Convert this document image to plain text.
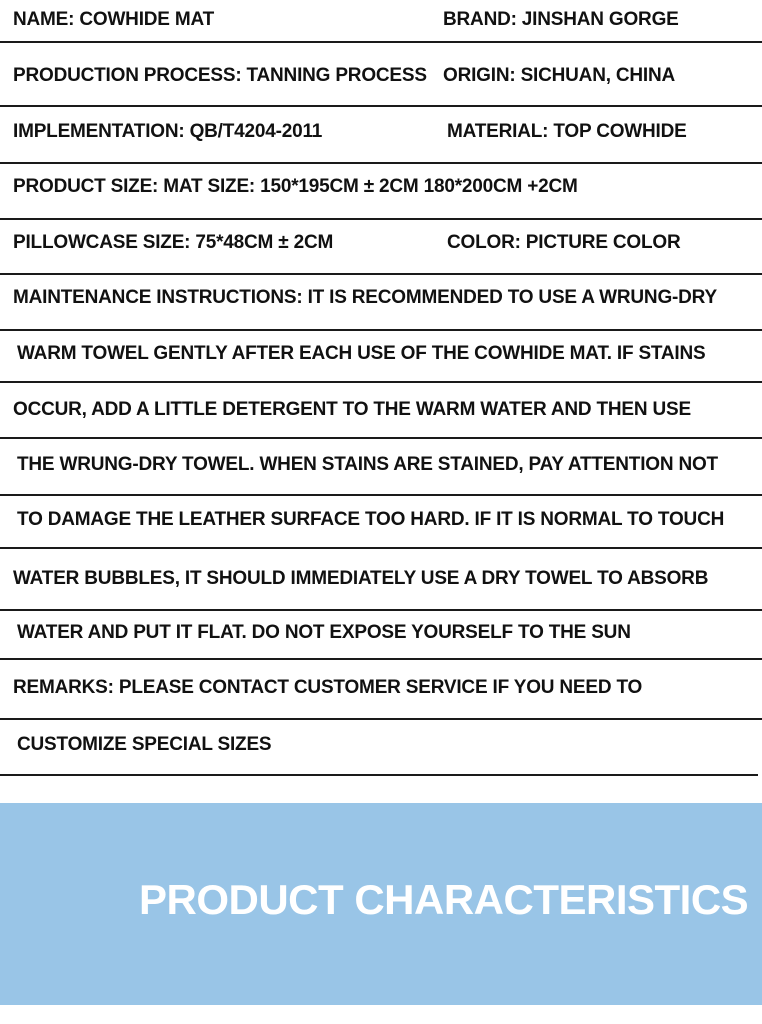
NAME: COWHIDE MAT	BRAND: JINSHAN GORGE
PRODUCTION PROCESS: TANNING PROCESS ORIGIN: SICHUAN, CHINA
IMPLEMENTATION: QB/T4204-2011	MATERIAL: TOP COWHIDE
PRODUCT SIZE: MAT SIZE: 150*195CM ± 2CM 180*200CM +2CM
PILLOWCASE SIZE: 75*48CM ± 2CM	COLOR: PICTURE COLOR
MAINTENANCE INSTRUCTIONS: IT IS RECOMMENDED TO USE A WRUNG-DRY
WARM TOWEL GENTLY AFTER EACH USE OF THE COWHIDE MAT. IF STAINS
OCCUR, ADD A LITTLE DETERGENT TO THE WARM WATER AND THEN USE
THE WRUNG-DRY TOWEL. WHEN STAINS ARE STAINED, PAY ATTENTION NOT
TO DAMAGE THE LEATHER SURFACE TOO HARD. IF IT IS NORMAL TO TOUCH
WATER BUBBLES, IT SHOULD IMMEDIATELY USE A DRY TOWEL TO ABSORB
WATER AND PUT IT FLAT. DO NOT EXPOSE YOURSELF TO THE SUN
REMARKS: PLEASE CONTACT CUSTOMER SERVICE IF YOU NEED TO
CUSTOMIZE SPECIAL SIZES
PRODUCT CHARACTERISTICS
